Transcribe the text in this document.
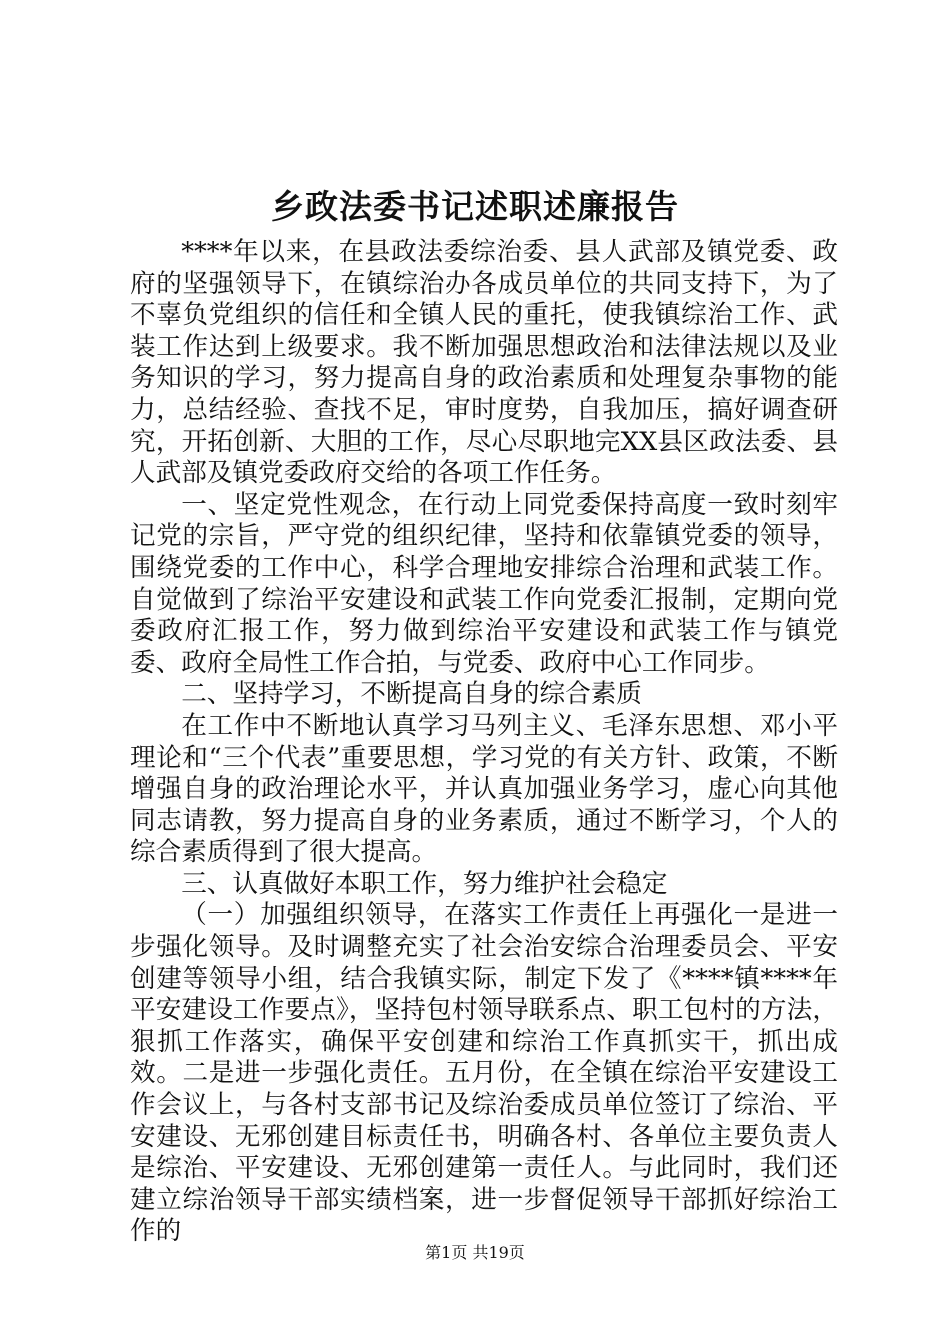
乡政法委书记述职述廉报告

****年以来，在县政法委综治委、县人武部及镇党委、政府的坚强领导下，在镇综治办各成员单位的共同支持下，为了不辜负党组织的信任和全镇人民的重托，使我镇综治工作、武装工作达到上级要求。我不断加强思想政治和法律法规以及业务知识的学习，努力提高自身的政治素质和处理复杂事物的能力，总结经验、查找不足，审时度势，自我加压，搞好调查研究，开拓创新、大胆的工作，尽心尽职地完XX县区政法委、县人武部及镇党委政府交给的各项工作任务。

一、坚定党性观念，在行动上同党委保持高度一致时刻牢记党的宗旨，严守党的组织纪律，坚持和依靠镇党委的领导，围绕党委的工作中心，科学合理地安排综合治理和武装工作。自觉做到了综治平安建设和武装工作向党委汇报制，定期向党委政府汇报工作，努力做到综治平安建设和武装工作与镇党委、政府全局性工作合拍，与党委、政府中心工作同步。

二、坚持学习，不断提高自身的综合素质

在工作中不断地认真学习马列主义、毛泽东思想、邓小平理论和“三个代表”重要思想，学习党的有关方针、政策，不断增强自身的政治理论水平，并认真加强业务学习，虚心向其他同志请教，努力提高自身的业务素质，通过不断学习，个人的综合素质得到了很大提高。

三、认真做好本职工作，努力维护社会稳定

（一）加强组织领导，在落实工作责任上再强化一是进一步强化领导。及时调整充实了社会治安综合治理委员会、平安创建等领导小组，结合我镇实际，制定下发了《****镇****年平安建设工作要点》，坚持包村领导联系点、职工包村的方法，狠抓工作落实，确保平安创建和综治工作真抓实干，抓出成效。二是进一步强化责任。五月份，在全镇在综治平安建设工作会议上，与各村支部书记及综治委成员单位签订了综治、平安建设、无邪创建目标责任书，明确各村、各单位主要负责人是综治、平安建设、无邪创建第一责任人。与此同时，我们还建立综治领导干部实绩档案，进一步督促领导干部抓好综治工作的

第1页 共19页
